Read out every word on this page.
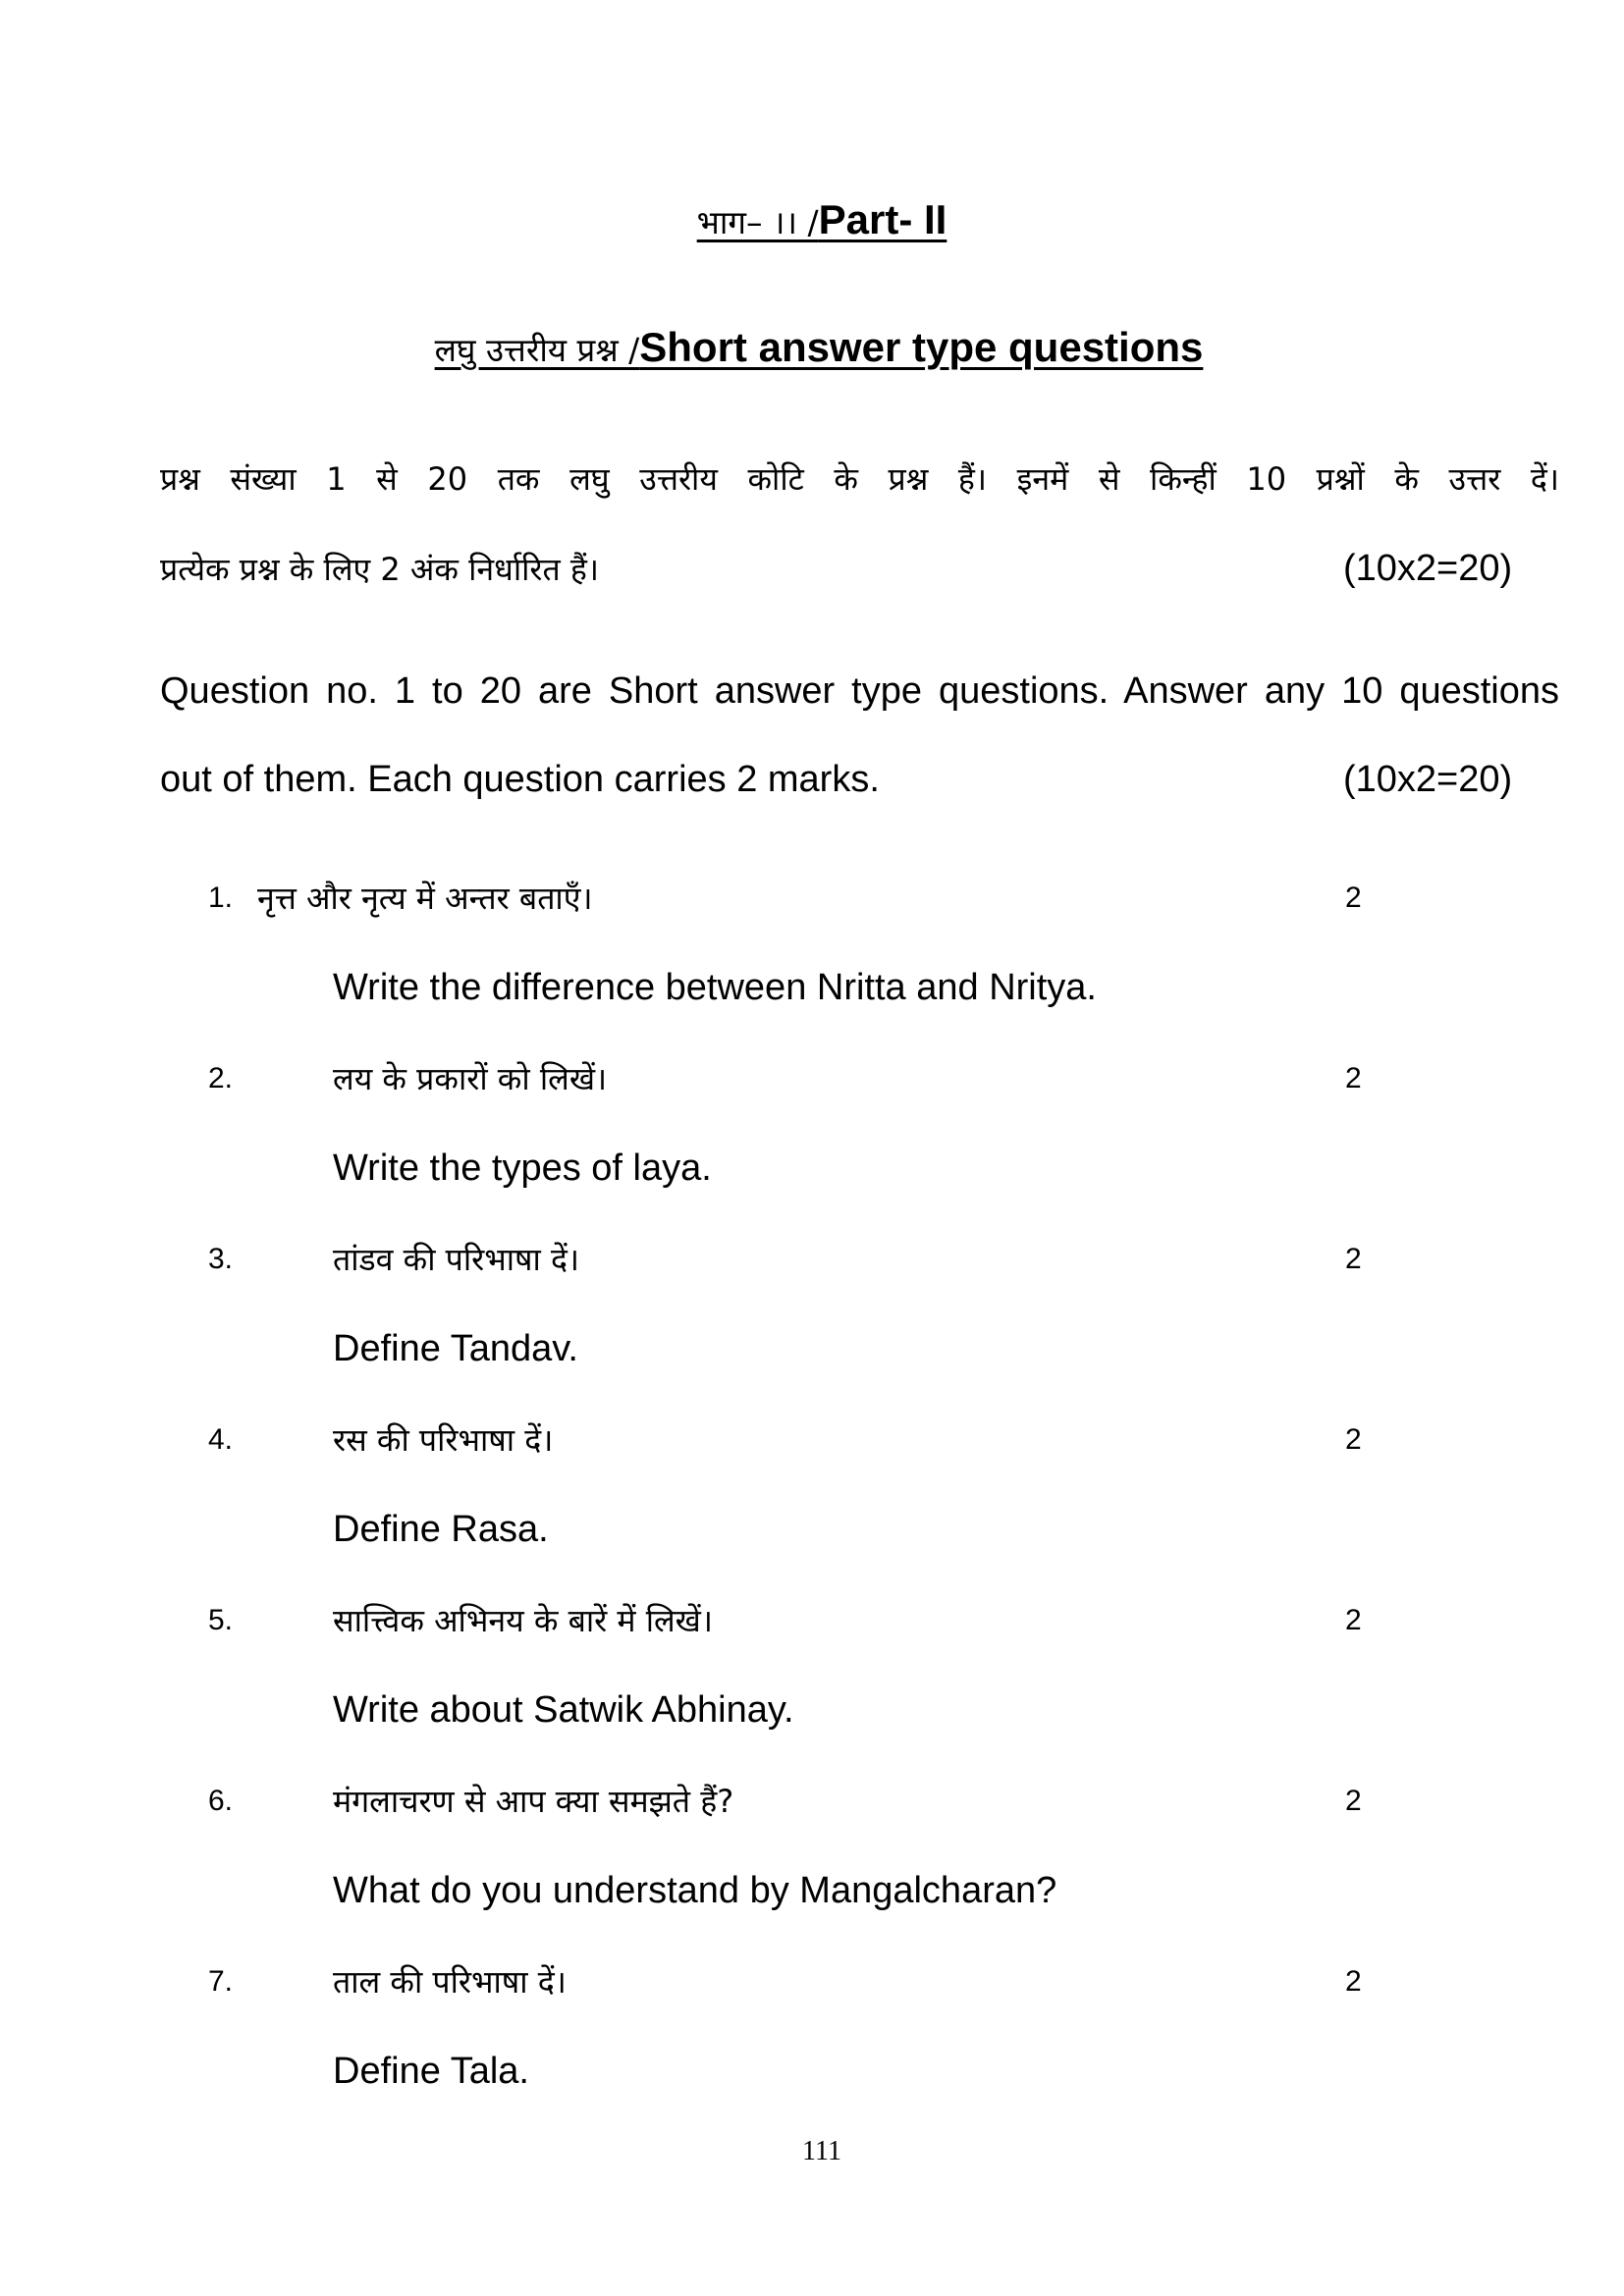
भाग– ।। /Part- II
लघु उत्तरीय प्रश्न /Short answer type questions
प्रश्न संख्या 1 से 20 तक लघु उत्तरीय कोटि के प्रश्न हैं। इनमें से किन्हीं 10 प्रश्नों के उत्तर दें।
प्रत्येक प्रश्न के लिए 2 अंक निर्धारित हैं।	(10x2=20)
Question no. 1 to 20 are Short answer type questions. Answer any 10 questions
out of them. Each question carries 2 marks.	(10x2=20)
1. नृत्त और नृत्य में अन्तर बताएँ।	2
Write the difference between Nritta and Nritya.
2.	लय के प्रकारों को लिखें।	2
Write the types of laya.
3.	तांडव की परिभाषा दें।	2
Define Tandav.
4.	रस की परिभाषा दें।	2
Define Rasa.
5.	सात्त्विक अभिनय के बारें में लिखें।	2
Write about Satwik Abhinay.
6.	मंगलाचरण से आप क्या समझते हैं?	2
What do you understand by Mangalcharan?
7.	ताल की परिभाषा दें।	2
Define Tala.
111
